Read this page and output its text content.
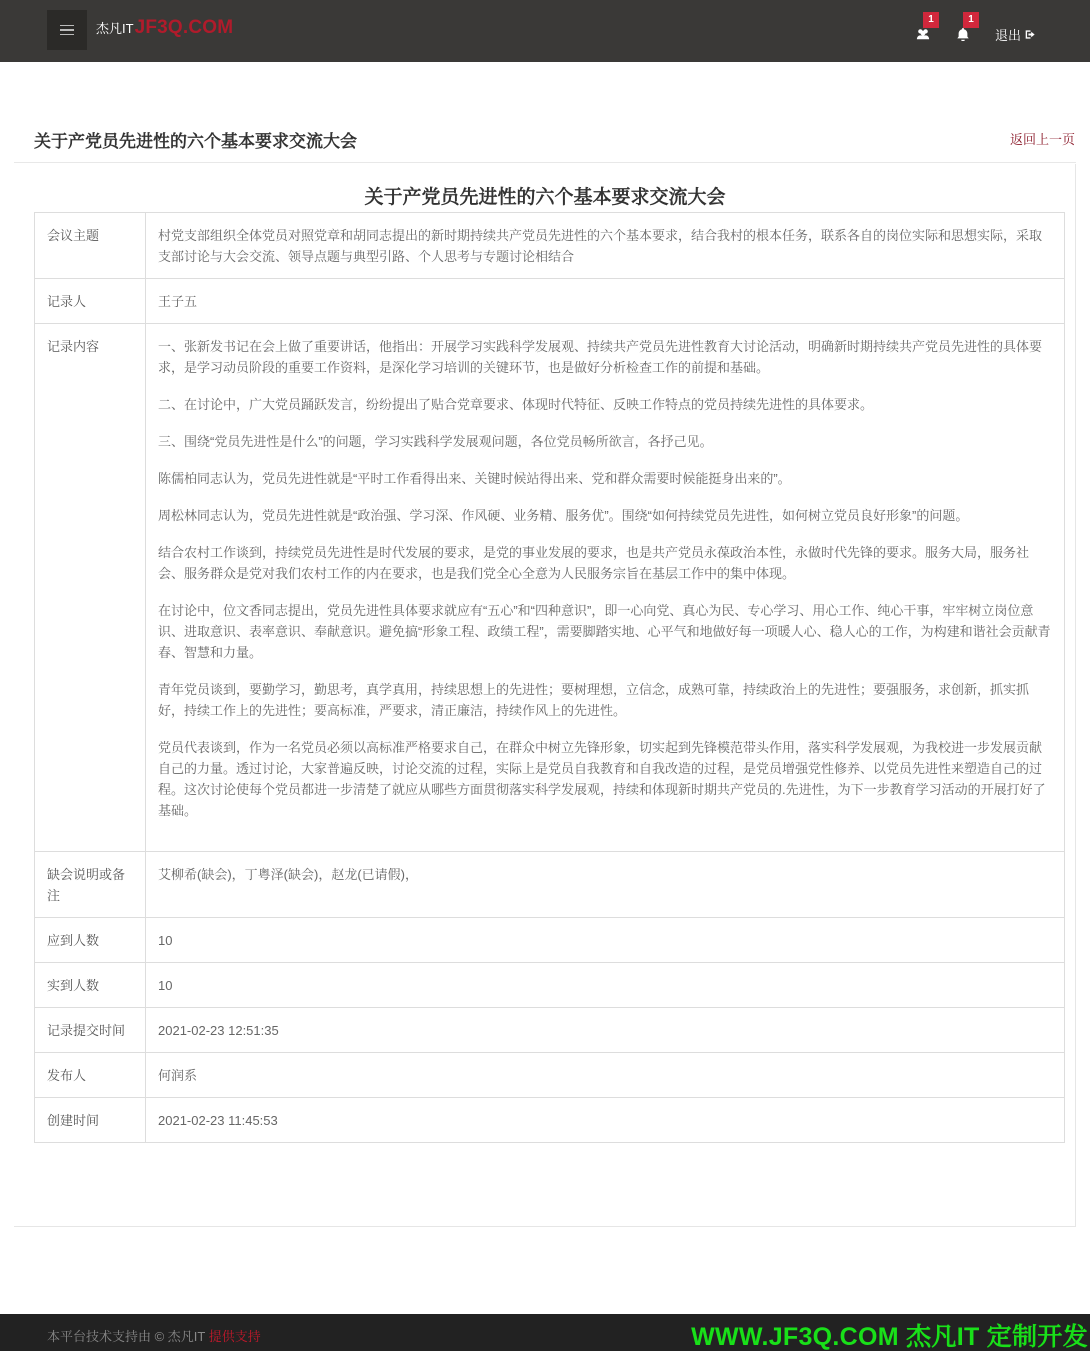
杰凡IT JF3Q.COM	1	1
退出
关于产党员先进性的六个基本要求交流大会	返回上一页
关于产党员先进性的六个基本要求交流大会
会议主题	村党支部组织全体党员对照党章和胡同志提出的新时期持续共产党员先进性的六个基本要求，结合我村的根本任务，联系各自的岗位实际和思想实际，采取支部讨论与大会交流、领导点题与典型引路、个人思考与专题讨论相结合
记录人	王子五
记录内容	一、张新发书记在会上做了重要讲话，他指出：开展学习实践科学发展观、持续共产党员先进性教育大讨论活动，明确新时期持续共产党员先进性的具体要求，是学习动员阶段的重要工作资料，是深化学习培训的关键环节，也是做好分析检查工作的前提和基础。

二、在讨论中，广大党员踊跃发言，纷纷提出了贴合党章要求、体现时代特征、反映工作特点的党员持续先进性的具体要求。

三、围绕“党员先进性是什么”的问题，学习实践科学发展观问题，各位党员畅所欲言，各抒己见。

陈儒柏同志认为，党员先进性就是“平时工作看得出来、关键时候站得出来、党和群众需要时候能挺身出来的”。

周松林同志认为，党员先进性就是“政治强、学习深、作风硬、业务精、服务优”。围绕“如何持续党员先进性，如何树立党员良好形象”的问题。

结合农村工作谈到，持续党员先进性是时代发展的要求，是党的事业发展的要求，也是共产党员永葆政治本性，永做时代先锋的要求。服务大局，服务社会、服务群众是党对我们农村工作的内在要求，也是我们党全心全意为人民服务宗旨在基层工作中的集中体现。

在讨论中，位文香同志提出，党员先进性具体要求就应有“五心”和“四种意识”，即一心向党、真心为民、专心学习、用心工作、纯心干事，牢牢树立岗位意识、进取意识、表率意识、奉献意识。避免搞“形象工程、政绩工程”，需要脚踏实地、心平气和地做好每一项暖人心、稳人心的工作，为构建和谐社会贡献青春、智慧和力量。

青年党员谈到，要勤学习，勤思考，真学真用，持续思想上的先进性；要树理想，立信念，成熟可靠，持续政治上的先进性；要强服务，求创新，抓实抓好，持续工作上的先进性；要高标准，严要求，清正廉洁，持续作风上的先进性。

党员代表谈到，作为一名党员必须以高标准严格要求自己，在群众中树立先锋形象，切实起到先锋模范带头作用，落实科学发展观，为我校进一步发展贡献自己的力量。透过讨论，大家普遍反映，讨论交流的过程，实际上是党员自我教育和自我改造的过程，是党员增强党性修养、以党员先进性来塑造自己的过程。这次讨论使每个党员都进一步清楚了就应从哪些方面贯彻落实科学发展观，持续和体现新时期共产党员的.先进性，为下一步教育学习活动的开展打好了基础。

缺会说明或备注	艾柳希(缺会)，丁粤泽(缺会)，赵龙(已请假)，
应到人数	10
实到人数	10
记录提交时间	2021-02-23 12:51:35
发布人	何润系
创建时间	2021-02-23 11:45:53
本平台技术支持由 © 杰凡IT 提供支持	WWW.JF3Q.COM 杰凡IT 定制开发
